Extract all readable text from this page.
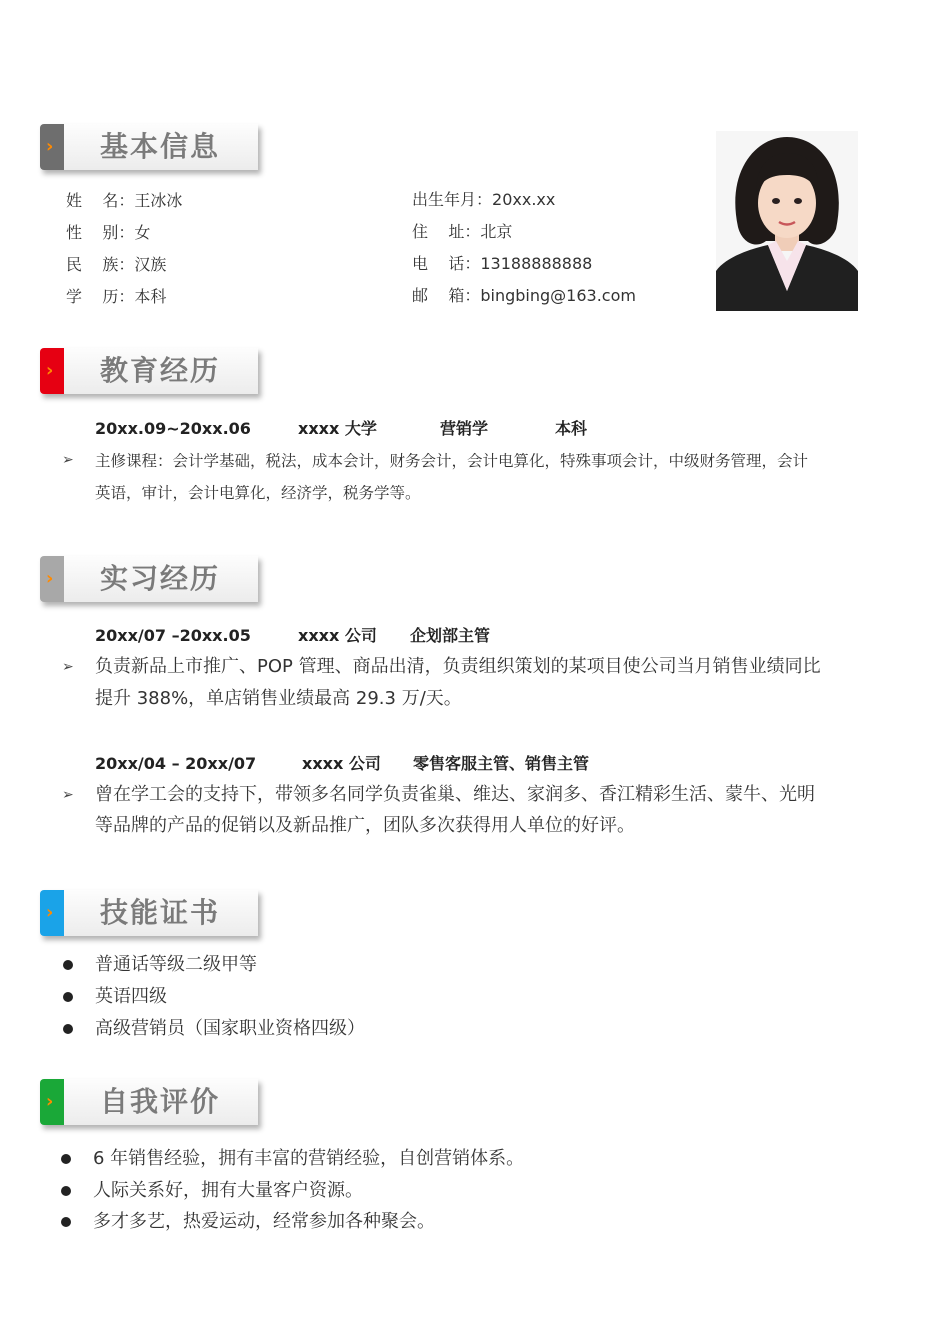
› 基本信息
姓    名：王冰冰
性    别：女
民    族：汉族
学    历：本科
出生年月：20xx.xx
住    址：北京
电    话：13188888888
邮    箱：bingbing@163.com
› 教育经历
20xx.09~20xx.06	xxxx 大学	营销学	本科
➢ 主修课程：会计学基础，税法，成本会计，财务会计，会计电算化，特殊事项会计，中级财务管理，会计
英语，审计，会计电算化，经济学，税务学等。
› 实习经历
20xx/07 –20xx.05	xxxx 公司 企划部主管
➢ 负责新品上市推广、POP 管理、商品出清，负责组织策划的某项目使公司当月销售业绩同比
提升 388%，单店销售业绩最高 29.3 万/天。
20xx/04 – 20xx/07	xxxx 公司 零售客服主管、销售主管
➢ 曾在学工会的支持下，带领多名同学负责雀巢、维达、家润多、香江精彩生活、蒙牛、光明
等品牌的产品的促销以及新品推广，团队多次获得用人单位的好评。
› 技能证书
普通话等级二级甲等
英语四级
高级营销员（国家职业资格四级）
› 自我评价
6 年销售经验，拥有丰富的营销经验，自创营销体系。
人际关系好，拥有大量客户资源。
多才多艺，热爱运动，经常参加各种聚会。
